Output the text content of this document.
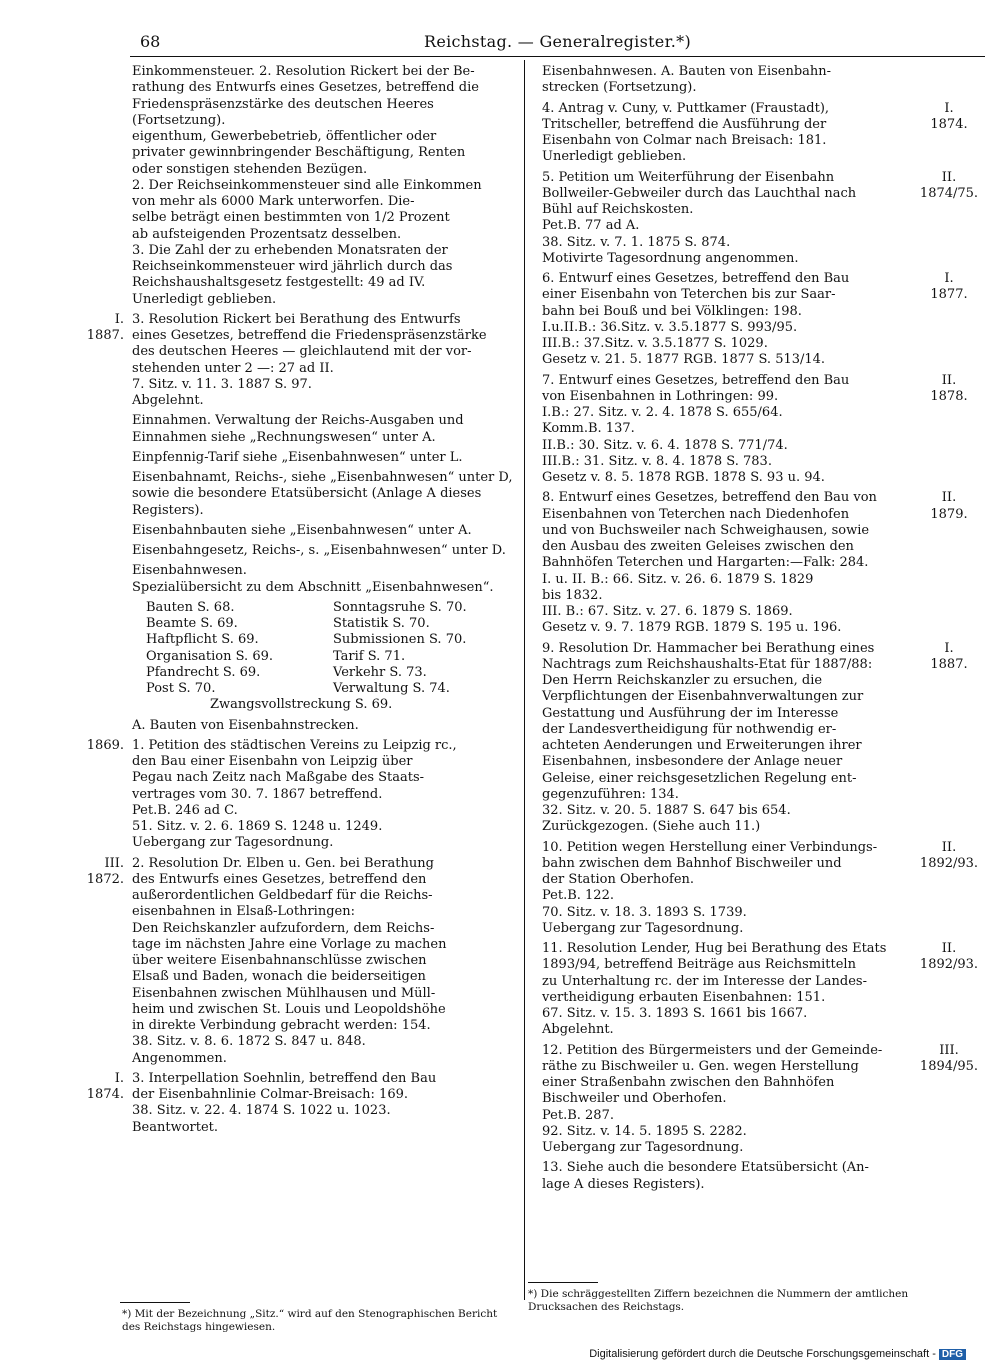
68	Reichstag. — Generalregister.*)
Einkommensteuer. 2. Resolution Rickert bei der Be-
rathung des Entwurfs eines Gesetzes, betreffend die
Friedenspräsenzstärke des deutschen Heeres (Fortsetzung).
eigenthum, Gewerbebetrieb, öffentlicher oder
privater gewinnbringender Beschäftigung, Renten
oder sonstigen stehenden Bezügen.
2. Der Reichseinkommensteuer sind alle Einkommen
von mehr als 6000 Mark unterworfen. Die-
selbe beträgt einen bestimmten von 1/2 Prozent
ab aufsteigenden Prozentsatz desselben.
3. Die Zahl der zu erhebenden Monatsraten der
Reichseinkommensteuer wird jährlich durch das
Reichshaushaltsgesetz festgestellt: 49 ad IV.
Unerledigt geblieben.
I.
1887.
3. Resolution Rickert bei Berathung des Entwurfs
eines Gesetzes, betreffend die Friedenspräsenzstärke
des deutschen Heeres — gleichlautend mit der vor-
stehenden unter 2 —: 27 ad II.
7. Sitz. v. 11. 3. 1887 S. 97.
Abgelehnt.
Einnahmen. Verwaltung der Reichs-Ausgaben und
Einnahmen siehe „Rechnungswesen“ unter A.
Einpfennig-Tarif siehe „Eisenbahnwesen“ unter L.
Eisenbahnamt, Reichs-, siehe „Eisenbahnwesen“ unter D,
sowie die besondere Etatsübersicht (Anlage A dieses
Registers).
Eisenbahnbauten siehe „Eisenbahnwesen“ unter A.
Eisenbahngesetz, Reichs-, s. „Eisenbahnwesen“ unter D.
Eisenbahnwesen.
Spezialübersicht zu dem Abschnitt „Eisenbahnwesen“.
Bauten S. 68.	Sonntagsruhe S. 70.
Beamte S. 69.	Statistik S. 70.
Haftpflicht S. 69.	Submissionen S. 70.
Organisation S. 69.	Tarif S. 71.
Pfandrecht S. 69.	Verkehr S. 73.
Post S. 70.	Verwaltung S. 74.
Zwangsvollstreckung S. 69.
A. Bauten von Eisenbahnstrecken.
1869. 1. Petition des städtischen Vereins zu Leipzig rc.,
den Bau einer Eisenbahn von Leipzig über
Pegau nach Zeitz nach Maßgabe des Staats-
vertrages vom 30. 7. 1867 betreffend.
Pet.B. 246 ad C.
51. Sitz. v. 2. 6. 1869 S. 1248 u. 1249.
Uebergang zur Tagesordnung.
III.
1872.
2. Resolution Dr. Elben u. Gen. bei Berathung
des Entwurfs eines Gesetzes, betreffend den
außerordentlichen Geldbedarf für die Reichs-
eisenbahnen in Elsaß-Lothringen:
Den Reichskanzler aufzufordern, dem Reichs-
tage im nächsten Jahre eine Vorlage zu machen
über weitere Eisenbahnanschlüsse zwischen
Elsaß und Baden, wonach die beiderseitigen
Eisenbahnen zwischen Mühlhausen und Müll-
heim und zwischen St. Louis und Leopoldshöhe
in direkte Verbindung gebracht werden: 154.
38. Sitz. v. 8. 6. 1872 S. 847 u. 848.
Angenommen.
I.
1874.
3. Interpellation Soehnlin, betreffend den Bau
der Eisenbahnlinie Colmar-Breisach: 169.
38. Sitz. v. 22. 4. 1874 S. 1022 u. 1023.
Beantwortet.
Eisenbahnwesen. A. Bauten von Eisenbahn-
strecken (Fortsetzung).
I.
1874.
4. Antrag v. Cuny, v. Puttkamer (Fraustadt),
Tritscheller, betreffend die Ausführung der
Eisenbahn von Colmar nach Breisach: 181.
Unerledigt geblieben.
II.
1874/75.
5. Petition um Weiterführung der Eisenbahn
Bollweiler-Gebweiler durch das Lauchthal nach
Bühl auf Reichskosten.
Pet.B. 77 ad A.
38. Sitz. v. 7. 1. 1875 S. 874.
Motivirte Tagesordnung angenommen.
I.
1877.
6. Entwurf eines Gesetzes, betreffend den Bau
einer Eisenbahn von Teterchen bis zur Saar-
bahn bei Bouß und bei Völklingen: 198.
I.u.II.B.: 36.Sitz. v. 3.5.1877 S. 993/95.
III.B.: 37.Sitz. v. 3.5.1877 S. 1029.
Gesetz v. 21. 5. 1877 RGB. 1877 S. 513/14.
II.
1878.
7. Entwurf eines Gesetzes, betreffend den Bau
von Eisenbahnen in Lothringen: 99.
I.B.: 27. Sitz. v. 2. 4. 1878 S. 655/64.
Komm.B. 137.
II.B.: 30. Sitz. v. 6. 4. 1878 S. 771/74.
III.B.: 31. Sitz. v. 8. 4. 1878 S. 783.
Gesetz v. 8. 5. 1878 RGB. 1878 S. 93 u. 94.
II.
1879.
8. Entwurf eines Gesetzes, betreffend den Bau von
Eisenbahnen von Teterchen nach Diedenhofen
und von Buchsweiler nach Schweighausen, sowie
den Ausbau des zweiten Geleises zwischen den
Bahnhöfen Teterchen und Hargarten:—Falk: 284.
I. u. II. B.: 66. Sitz. v. 26. 6. 1879 S. 1829
bis 1832.
III. B.: 67. Sitz. v. 27. 6. 1879 S. 1869.
Gesetz v. 9. 7. 1879 RGB. 1879 S. 195 u. 196.
I.
1887.
9. Resolution Dr. Hammacher bei Berathung eines
Nachtrags zum Reichshaushalts-Etat für 1887/88:
Den Herrn Reichskanzler zu ersuchen, die
Verpflichtungen der Eisenbahnverwaltungen zur
Gestattung und Ausführung der im Interesse
der Landesvertheidigung für nothwendig er-
achteten Aenderungen und Erweiterungen ihrer
Eisenbahnen, insbesondere der Anlage neuer
Geleise, einer reichsgesetzlichen Regelung ent-
gegenzuführen: 134.
32. Sitz. v. 20. 5. 1887 S. 647 bis 654.
Zurückgezogen. (Siehe auch 11.)
II.
1892/93.
10. Petition wegen Herstellung einer Verbindungs-
bahn zwischen dem Bahnhof Bischweiler und
der Station Oberhofen.
Pet.B. 122.
70. Sitz. v. 18. 3. 1893 S. 1739.
Uebergang zur Tagesordnung.
II.
1892/93.
11. Resolution Lender, Hug bei Berathung des Etats
1893/94, betreffend Beiträge aus Reichsmitteln
zu Unterhaltung rc. der im Interesse der Landes-
vertheidigung erbauten Eisenbahnen: 151.
67. Sitz. v. 15. 3. 1893 S. 1661 bis 1667.
Abgelehnt.
III.
1894/95.
12. Petition des Bürgermeisters und der Gemeinde-
räthe zu Bischweiler u. Gen. wegen Herstellung
einer Straßenbahn zwischen den Bahnhöfen
Bischweiler und Oberhofen.
Pet.B. 287.
92. Sitz. v. 14. 5. 1895 S. 2282.
Uebergang zur Tagesordnung.
13. Siehe auch die besondere Etatsübersicht (An-
lage A dieses Registers).
*) Mit der Bezeichnung „Sitz.“ wird auf den Stenographischen Bericht des Reichstags hingewiesen.
*) Die schräggestellten Ziffern bezeichnen die Nummern der amtlichen Drucksachen des Reichstags.
Digitalisierung gefördert durch die Deutsche Forschungsgemeinschaft - DFG
